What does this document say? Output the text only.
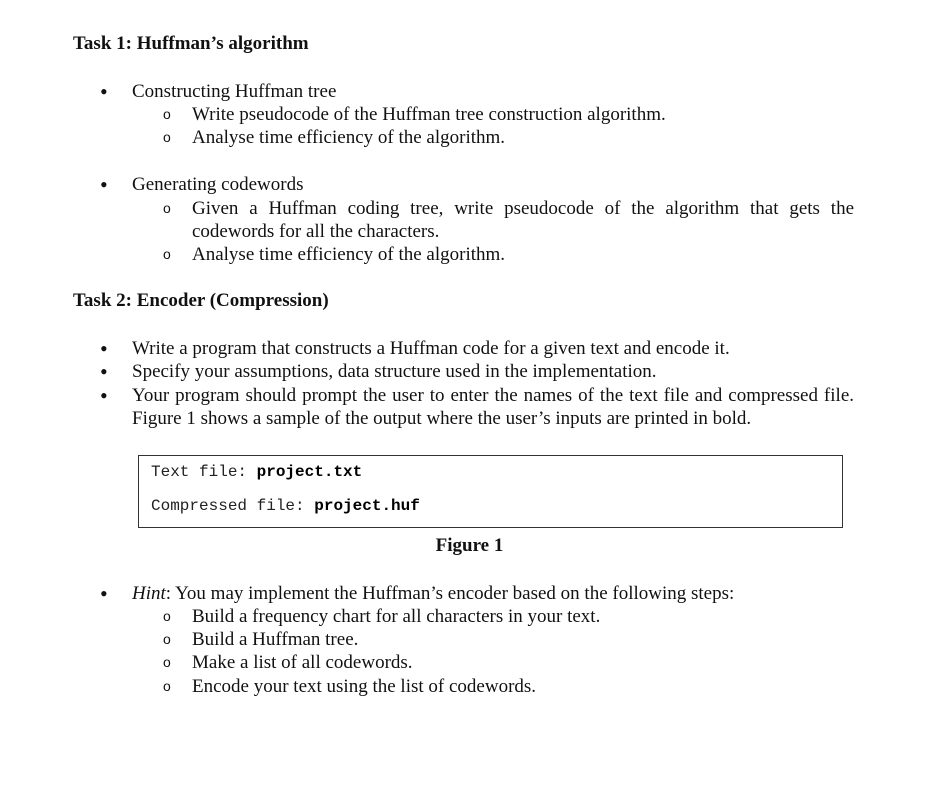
Task 1: Huffman’s algorithm
• Constructing Huffman tree
o Write pseudocode of the Huffman tree construction algorithm.
o Analyse time efficiency of the algorithm.
• Generating codewords
o Given a Huffman coding tree, write pseudocode of the algorithm that gets the codewords for all the characters.
o Analyse time efficiency of the algorithm.
Task 2: Encoder (Compression)
• Write a program that constructs a Huffman code for a given text and encode it.
• Specify your assumptions, data structure used in the implementation.
• Your program should prompt the user to enter the names of the text file and compressed file. Figure 1 shows a sample of the output where the user’s inputs are printed in bold.
Text file: project.txt
Compressed file: project.huf
Figure 1
• Hint: You may implement the Huffman’s encoder based on the following steps:
o Build a frequency chart for all characters in your text.
o Build a Huffman tree.
o Make a list of all codewords.
o Encode your text using the list of codewords.
